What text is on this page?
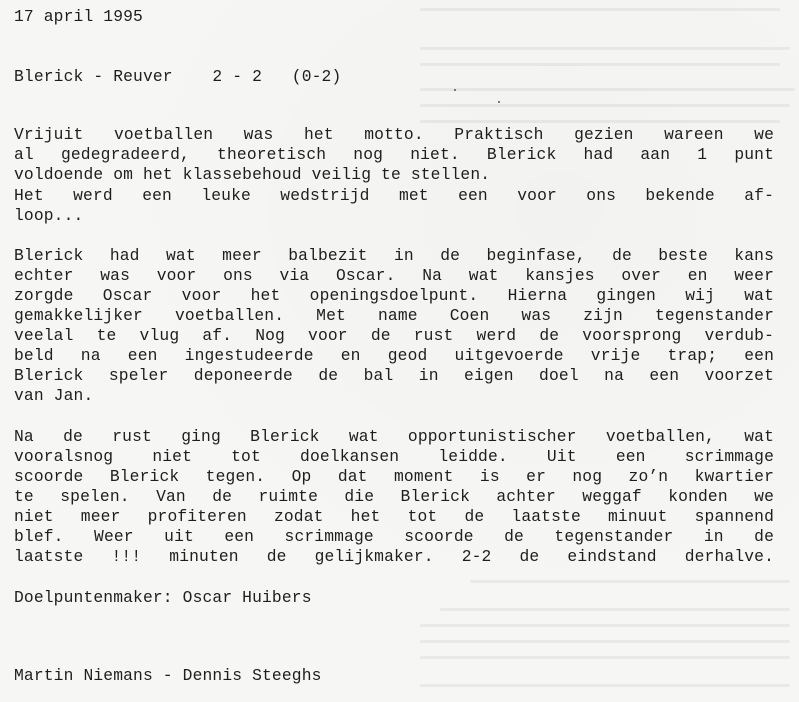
17 april 1995

Blerick - Reuver 2 - 2 (0-2)

Vrijuit voetballen was het motto. Praktisch gezien wareen we

al gedegradeerd, theoretisch nog niet. Blerick had aan 1 punt

voldoende om het klassebehoud veilig te stellen.

Het werd een leuke wedstrijd met een voor ons bekende af-

loop...

Blerick had wat meer balbezit in de beginfase, de beste kans

echter was voor ons via Oscar. Na wat kansjes over en weer

zorgde Oscar voor het openingsdoelpunt. Hierna gingen wij wat

gemakkelijker voetballen. Met name Coen was zijn tegenstander

veelal te vlug af. Nog voor de rust werd de voorsprong verdub-

beld na een ingestudeerde en geod uitgevoerde vrije trap; een

Blerick speler deponeerde de bal in eigen doel na een voorzet

van Jan.

Na de rust ging Blerick wat opportunistischer voetballen, wat

vooralsnog niet tot doelkansen leidde. Uit een scrimmage

scoorde Blerick tegen. Op dat moment is er nog zo’n kwartier

te spelen. Van de ruimte die Blerick achter weggaf konden we

niet meer profiteren zodat het tot de laatste minuut spannend

blef. Weer uit een scrimmage scoorde de tegenstander in de

laatste !!! minuten de gelijkmaker. 2-2 de eindstand derhalve.

Doelpuntenmaker: Oscar Huibers

Martin Niemans - Dennis Steeghs
